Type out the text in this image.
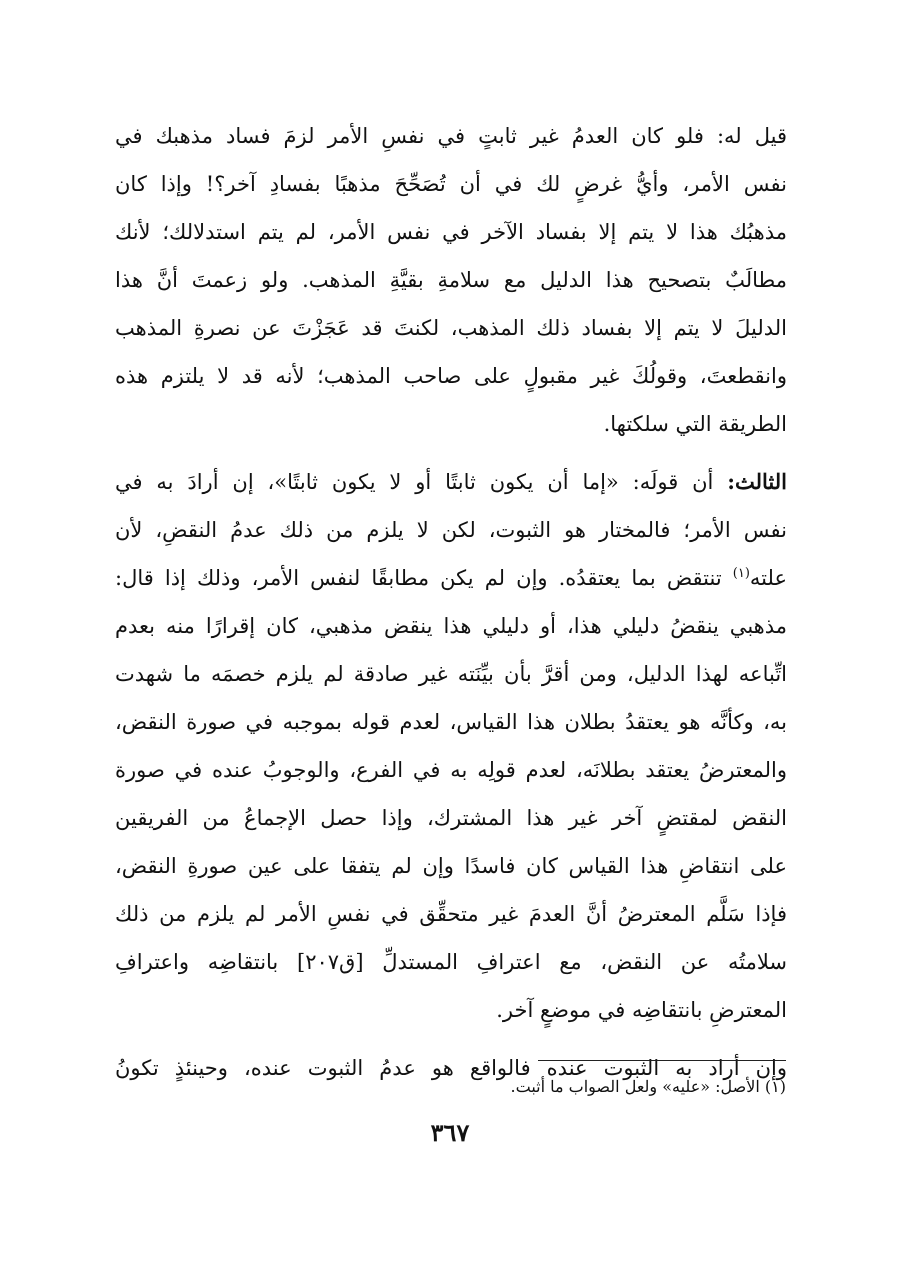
قيل له: فلو كان العدمُ غير ثابتٍ في نفسِ الأمر لزمَ فساد مذهبك في
نفس الأمر، وأيُّ غرضٍ لك في أن تُصَحِّحَ مذهبًا بفسادِ آخر؟! وإذا كان
مذهبُك هذا لا يتم إلا بفساد الآخر في نفس الأمر، لم يتم استدلالك؛ لأنك
مطالَبٌ بتصحيح هذا الدليل مع سلامةِ بقيَّةِ المذهب. ولو زعمتَ أنَّ هذا
الدليلَ لا يتم إلا بفساد ذلك المذهب، لكنتَ قد عَجَزْتَ عن نصرةِ المذهب
وانقطعتَ، وقولُكَ غير مقبولٍ على صاحب المذهب؛ لأنه قد لا يلتزم هذه
الطريقة التي سلكتها.
الثالث: أن قولَه: «إما أن يكون ثابتًا أو لا يكون ثابتًا»، إن أرادَ به في
نفس الأمر؛ فالمختار هو الثبوت، لكن لا يلزم من ذلك عدمُ النقضِ، لأن
علته$^{(١)}$ تنتقض بما يعتقدُه. وإن لم يكن مطابقًا لنفس الأمر، وذلك إذا قال:
مذهبي ينقضُ دليلي هذا، أو دليلي هذا ينقض مذهبي، كان إقرارًا منه بعدم
اتِّباعه لهذا الدليل، ومن أقرَّ بأن بيِّنَته غير صادقة لم يلزم خصمَه ما شهدت
به، وكأنَّه هو يعتقدُ بطلان هذا القياس، لعدم قوله بموجبه في صورة النقض،
والمعترضُ يعتقد بطلانَه، لعدم قولِه به في الفرع، والوجوبُ عنده في صورة
النقض لمقتضٍ آخر غير هذا المشترك، وإذا حصل الإجماعُ من الفريقين
على انتقاضِ هذا القياس كان فاسدًا وإن لم يتفقا على عين صورةِ النقض،
فإذا سَلَّم المعترضُ أنَّ العدمَ غير متحقِّق في نفسِ الأمر لم يلزم من ذلك
سلامتُه عن النقض، مع اعترافِ المستدلِّ [ق٢٠٧] بانتقاضِه واعترافِ
المعترضِ بانتقاضِه في موضعٍ آخر.
وإن أراد به الثبوت عنده فالواقع هو عدمُ الثبوت عنده، وحينئذٍ تكونُ
(١) الأصل: «عليه» ولعل الصواب ما أثبت.
٣٦٧
